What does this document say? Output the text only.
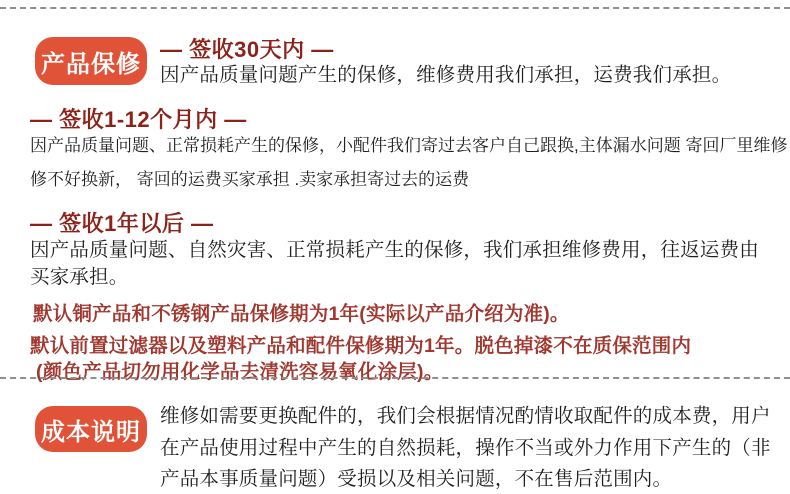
产品保修
— 签收30天内 —
因产品质量问题产生的保修，维修费用我们承担，运费我们承担。
— 签收1-12个月内 —
因产品质量问题、正常损耗产生的保修，小配件我们寄过去客户自己跟换,主体漏水问题 寄回厂里维修
修不好换新， 寄回的运费买家承担 .卖家承担寄过去的运费
— 签收1年以后 —
因产品质量问题、自然灾害、正常损耗产生的保修，我们承担维修费用，往返运费由
买家承担。
默认铜产品和不锈钢产品保修期为1年(实际以产品介绍为准)。
默认前置过滤器以及塑料产品和配件保修期为1年。脱色掉漆不在质保范围内
(颜色产品切勿用化学品去清洗容易氧化涂层)。
成本说明
维修如需要更换配件的，我们会根据情况酌情收取配件的成本费，用户
在产品使用过程中产生的自然损耗，操作不当或外力作用下产生的（非
产品本事质量问题）受损以及相关问题，不在售后范围内。
